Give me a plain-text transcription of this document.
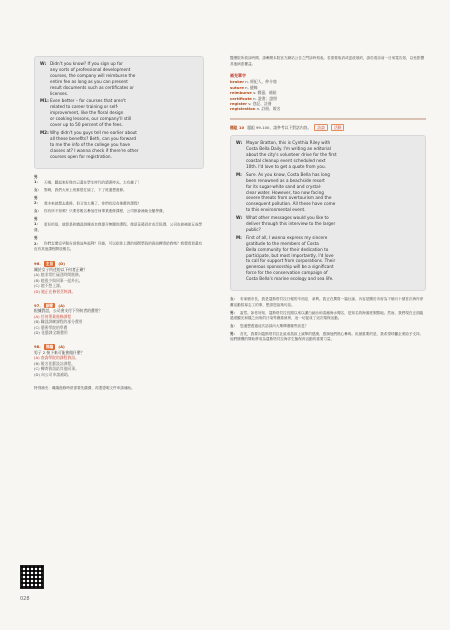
W: Didn't you know? If you sign up for
any sorts of professional development
courses, the company will reimburse the
entire fee as long as you can present
result documents such as certificates or
licenses.
M1: Even better – for courses that aren't
related to career training or self-
improvement, like the floral design
or cooking lessons, our company'll still
cover up to 50 percent of the fees.
M2: Why didn't you guys tell me earlier about
all these benefits? Beth, can you forward
to me the info of the college you have
classes at? I wanna check if there're other
courses open for registration.
男 1： 天哪，聽起來好像自己還在學生時代的讀書時光，太有趣了！
女： 對啊，我們大家上班都很忙碌了，下了班還想進修。
男 2： 我本來就想去進修，但又怕太累了，你們有沒有推薦的課程？
女： 你有所不知嗎？只要你報名參加任何專業進修課程，公司都會補助全額學費。
男 1： 更好的是，就算是和職涯訓練或自我提升無關的課程，像是花藝設計或烹飪課，公司也會補助五成學費。
男 2： 你們怎麼沒早點告訴我這些福利？貝絲，可以把你上課的那間學院的資訊轉寄給我嗎？我想看看還有沒有其他課程開放報名。
96.	主旨	(D)
關於女子所述的以下何者正確？
(A) 她非常忙碌沒時間進修。
(B) 她很少與同事一起外出。
(C) 她不想上課。
(D) 她正在修習烹飪課。
97.	細節	(A)
根據對話，公司會支付下列何者的費用？
(A) 任何專業進修課程
(B) 職涯訓練課程的部分費用
(C) 藝術學院的學費
(D) 花藝課全額費用
98.	推論	(A)
男子 2 接下來可能會做什麼？
(A) 查詢學院的課程資訊。
(B) 報名花藝設計課程。
(C) 轉寄資訊給其他同事。
(D) 向公司申請補助。
特別補充：職場進修時常需要先繳費、再憑證明文件申請補助。
醫療院所看診時間，請參閱本院官方網站公告之門診時刻表。若需要取消或更改預約，請於看診前一日來電告知，以免影響其他病患權益。
補充單字
broker n. 經紀人、仲介商
suture n. 縫線
reimburse v. 償還、補貼
certificate n. 證書；證照
register v. 登記、註冊
registration n. 註冊、報名
題組 10 題組 99-100，請參考以下對話內容。	訪談	活動
W: Mayor Bratton, this is Cynthia Riley with
Costa Bella Daily. I'm writing an editorial
about the city's volunteer drive for the first
coastal cleanup event scheduled next
10th. I'd love to get a quote from you.
M: Sure. As you know, Costa Bella has long
been renowned as a beachside resort
for its sugar-white sand and crystal-
clear water. However, too now facing
severe threats from overtourism and the
consequent pollution. All these have come
to this environmental event.
W: What other messages would you like to
deliver through this interview to the larger
public?
M: First of all, I wanna express my sincere
gratitude to the members of Costa
Bella community for their dedication to
participate, but most importantly, I'd love
to call for support from corporations. Their
generous sponsorship will be a significant
force for the conservation campaign of
Costa Bella's marine ecology and sea life.
女： 布萊頓市長，我是蔻斯塔貝拉日報的辛西亞．萊利。我正在撰寫一篇社論，內容是關於市府為下個月十號首次海岸淨灘活動招募志工的事，想請您說幾句話。
男： 當然。如你所知，蔻斯塔貝拉長期以來以潔白細沙和清澈海水聞名，是知名的海濱度假勝地。然而，我們現在正面臨過度觀光和隨之而來的汙染等嚴重威脅，這一切促成了這次環保活動。
女： 您還想透過這次訪談向大眾傳遞哪些訊息？
男： 首先，我要向蔻斯塔貝拉社區成員致上誠摯的感謝，感謝他們熱心參與。但最重要的是，我希望呼籲企業給予支持。他們慷慨的贊助將成為蔻斯塔貝拉海洋生態保育活動的重要力量。
028
